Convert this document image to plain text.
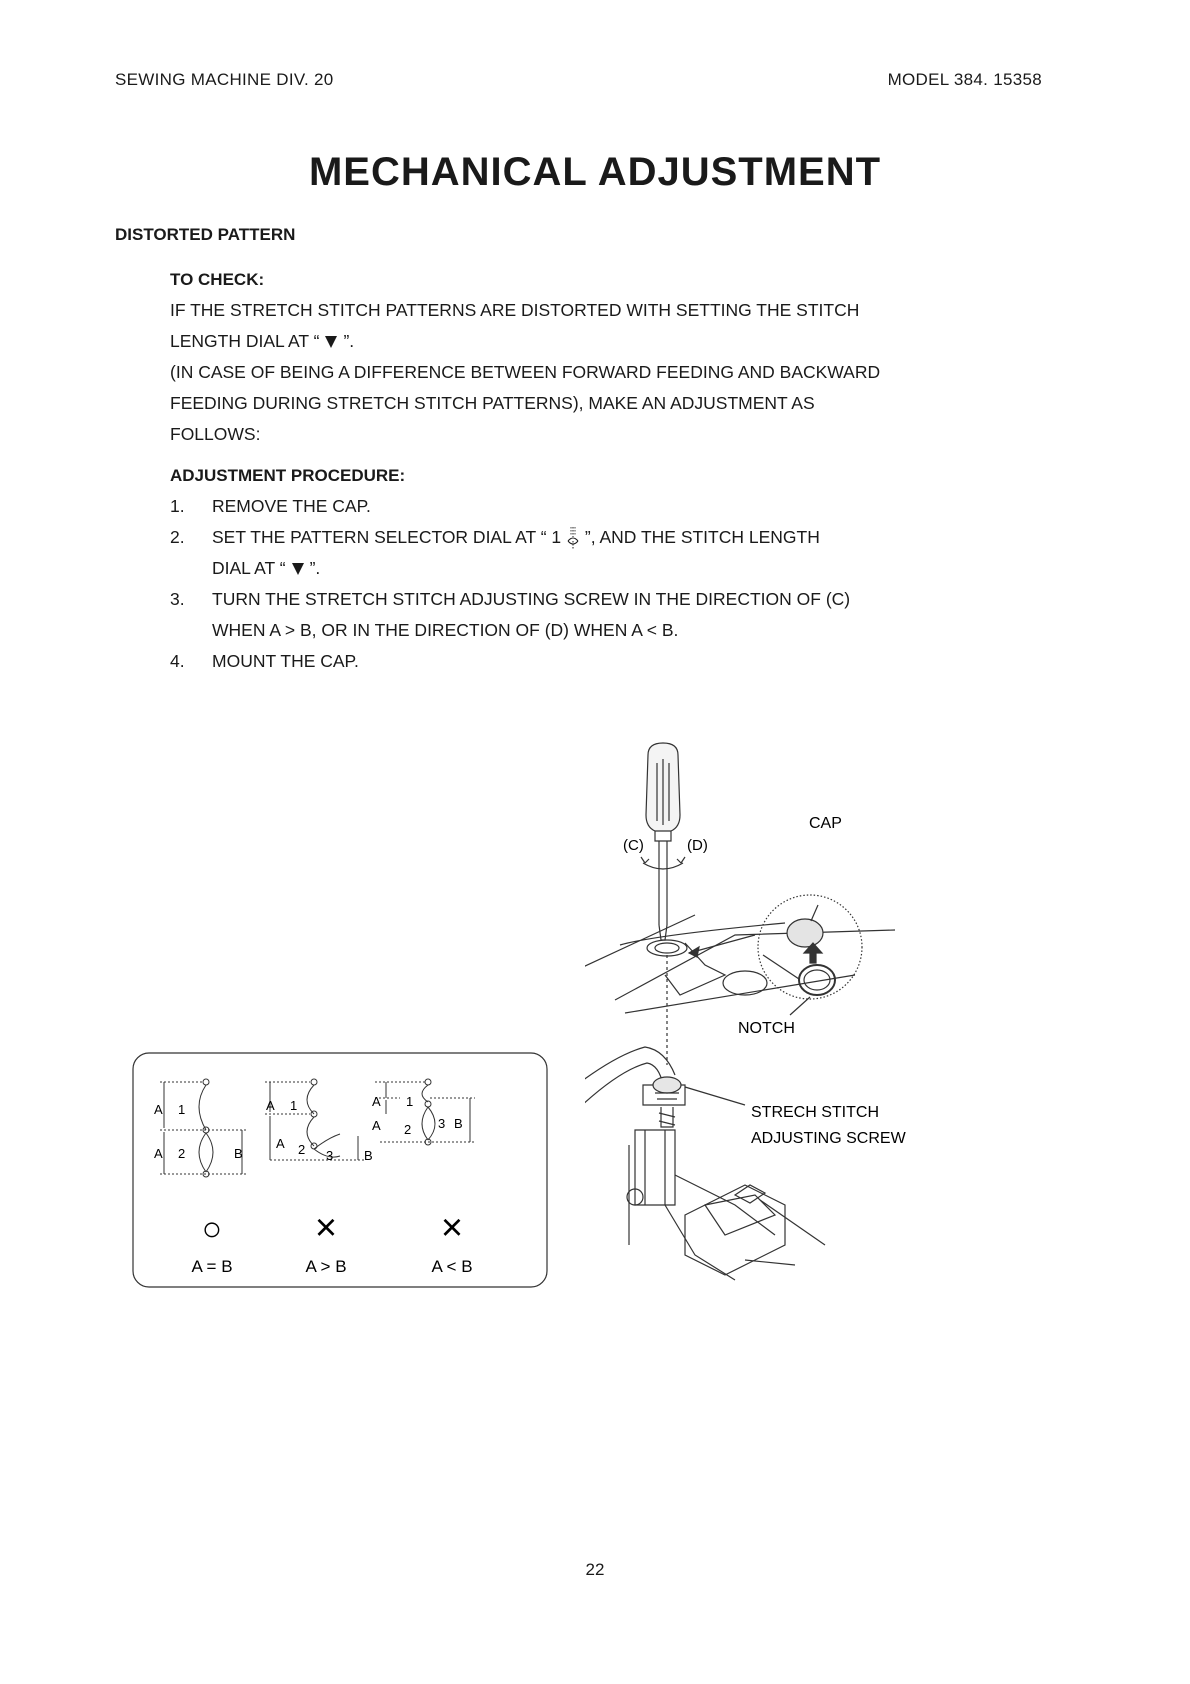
SEWING MACHINE DIV. 20	MODEL 384. 15358
MECHANICAL ADJUSTMENT
DISTORTED PATTERN

TO CHECK:

IF THE STRETCH STITCH PATTERNS ARE DISTORTED WITH SETTING THE STITCH

LENGTH DIAL AT “ ”.

(IN CASE OF BEING A DIFFERENCE BETWEEN FORWARD FEEDING AND BACKWARD

FEEDING DURING STRETCH STITCH PATTERNS), MAKE AN ADJUSTMENT AS

FOLLOWS:

ADJUSTMENT PROCEDURE:

1. REMOVE THE CAP.
2. SET THE PATTERN SELECTOR DIAL AT “ 1 ”, AND THE STITCH LENGTH
DIAL AT “ ”.
3. TURN THE STRETCH STITCH ADJUSTING SCREW IN THE DIRECTION OF (C)
WHEN A > B, OR IN THE DIRECTION OF (D) WHEN A < B.
4. MOUNT THE CAP.
A 1
A 2	B
A 1
A 2 3 B
A 1
A 2 3 B
○ ×	×
A = B	A > B	A < B
(C)	(D)
CAP
NOTCH
STRECH STITCH
ADJUSTING SCREW
22
